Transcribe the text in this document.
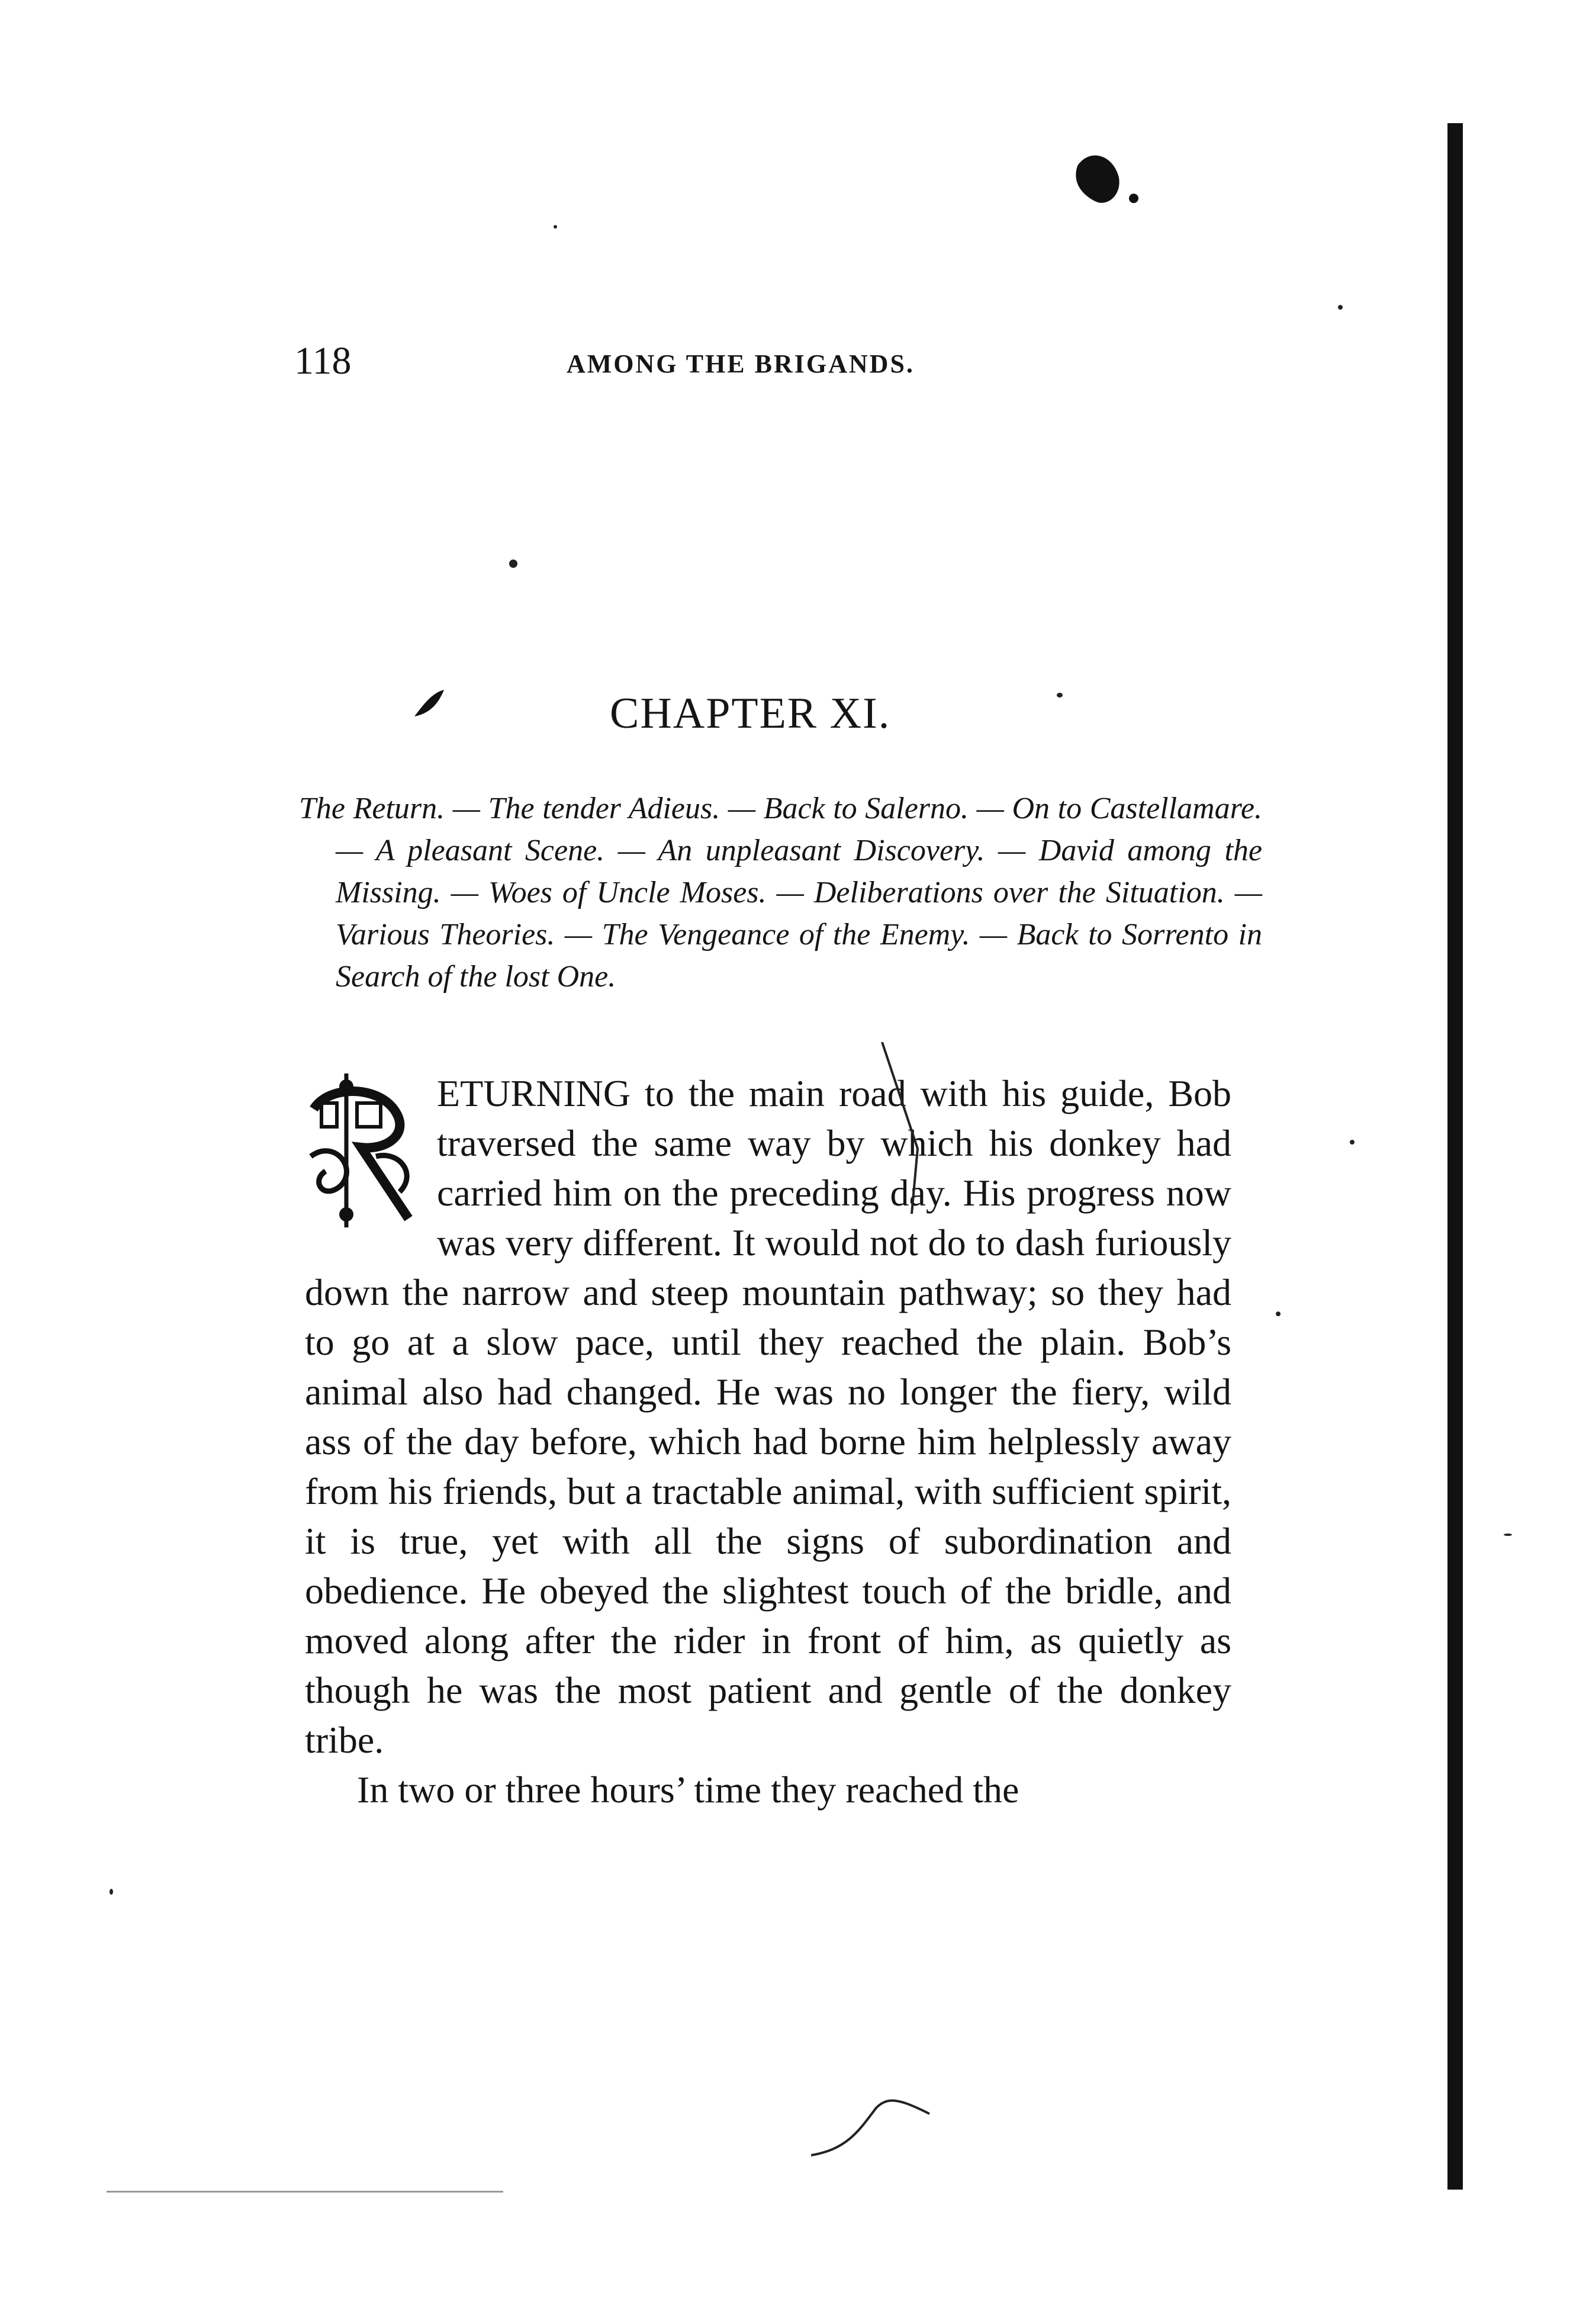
118	AMONG THE BRIGANDS.
CHAPTER XI.
The Return. — The tender Adieus. — Back to Salerno. — On to Castellamare. — A pleasant Scene. — An unpleasant Discovery. — David among the Missing. — Woes of Uncle Moses. — Deliberations over the Situation. — Various Theories. — The Vengeance of the Enemy. — Back to Sorrento in Search of the lost One.

ETURNING to the main road with his guide, Bob traversed the same way by which his donkey had carried him on the preceding day. His progress now was very different. It would not do to dash furiously down the narrow and steep mountain pathway; so they had to go at a slow pace, until they reached the plain. Bob’s animal also had changed. He was no longer the fiery, wild ass of the day before, which had borne him helplessly away from his friends, but a tractable animal, with sufficient spirit, it is true, yet with all the signs of subordination and obedience. He obeyed the slightest touch of the bridle, and moved along after the rider in front of him, as quietly as though he was the most patient and gentle of the donkey tribe.

In two or three hours’ time they reached the
